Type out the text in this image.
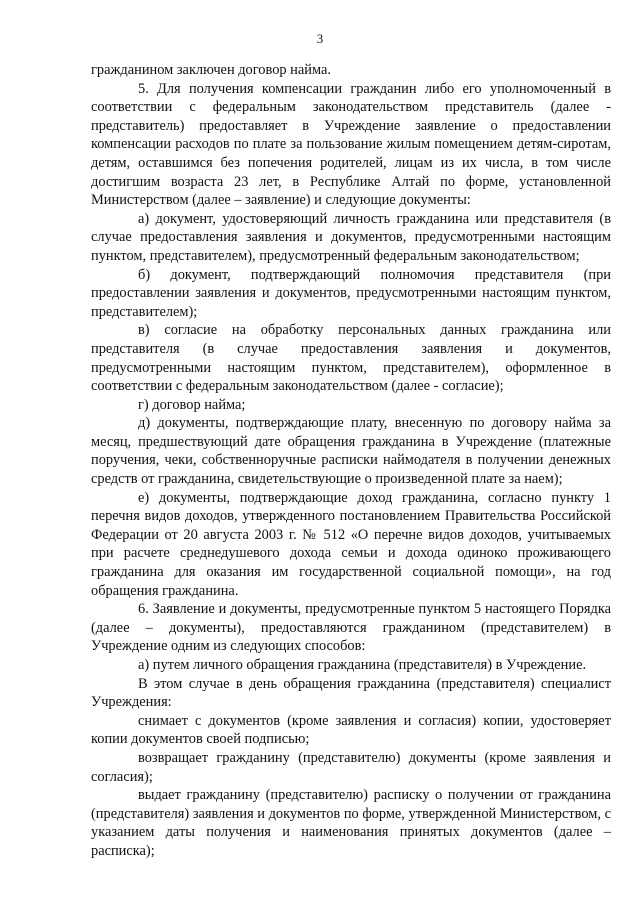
3

гражданином заключен договор найма.

5. Для получения компенсации гражданин либо его уполномоченный в соответствии с федеральным законодательством представитель (далее - представитель) предоставляет в Учреждение заявление о предоставлении компенсации расходов по плате за пользование жилым помещением детям-сиротам, детям, оставшимся без попечения родителей, лицам из их числа, в том числе достигшим возраста 23 лет, в Республике Алтай по форме, установленной Министерством (далее – заявление) и следующие документы:

а) документ, удостоверяющий личность гражданина или представителя (в случае предоставления заявления и документов, предусмотренными настоящим пунктом, представителем), предусмотренный федеральным законодательством;

б) документ, подтверждающий полномочия представителя (при предоставлении заявления и документов, предусмотренными настоящим пунктом, представителем);

в) согласие на обработку персональных данных гражданина или представителя (в случае предоставления заявления и документов, предусмотренными настоящим пунктом, представителем), оформленное в соответствии с федеральным законодательством (далее - согласие);

г) договор найма;

д) документы, подтверждающие плату, внесенную по договору найма за месяц, предшествующий дате обращения гражданина в Учреждение (платежные поручения, чеки, собственноручные расписки наймодателя в получении денежных средств от гражданина, свидетельствующие о произведенной плате за наем);

е) документы, подтверждающие доход гражданина, согласно пункту 1 перечня видов доходов, утвержденного постановлением Правительства Российской Федерации от 20 августа 2003 г. № 512 «О перечне видов доходов, учитываемых при расчете среднедушевого дохода семьи и дохода одиноко проживающего гражданина для оказания им государственной социальной помощи», на год обращения гражданина.

6. Заявление и документы, предусмотренные пунктом 5 настоящего Порядка (далее – документы), предоставляются гражданином (представителем) в Учреждение одним из следующих способов:

а) путем личного обращения гражданина (представителя) в Учреждение.

В этом случае в день обращения гражданина (представителя) специалист Учреждения:

снимает с документов (кроме заявления и согласия) копии, удостоверяет копии документов своей подписью;

возвращает гражданину (представителю) документы (кроме заявления и согласия);

выдает гражданину (представителю) расписку о получении от гражданина (представителя) заявления и документов по форме, утвержденной Министерством, с указанием даты получения и наименования принятых документов (далее – расписка);
